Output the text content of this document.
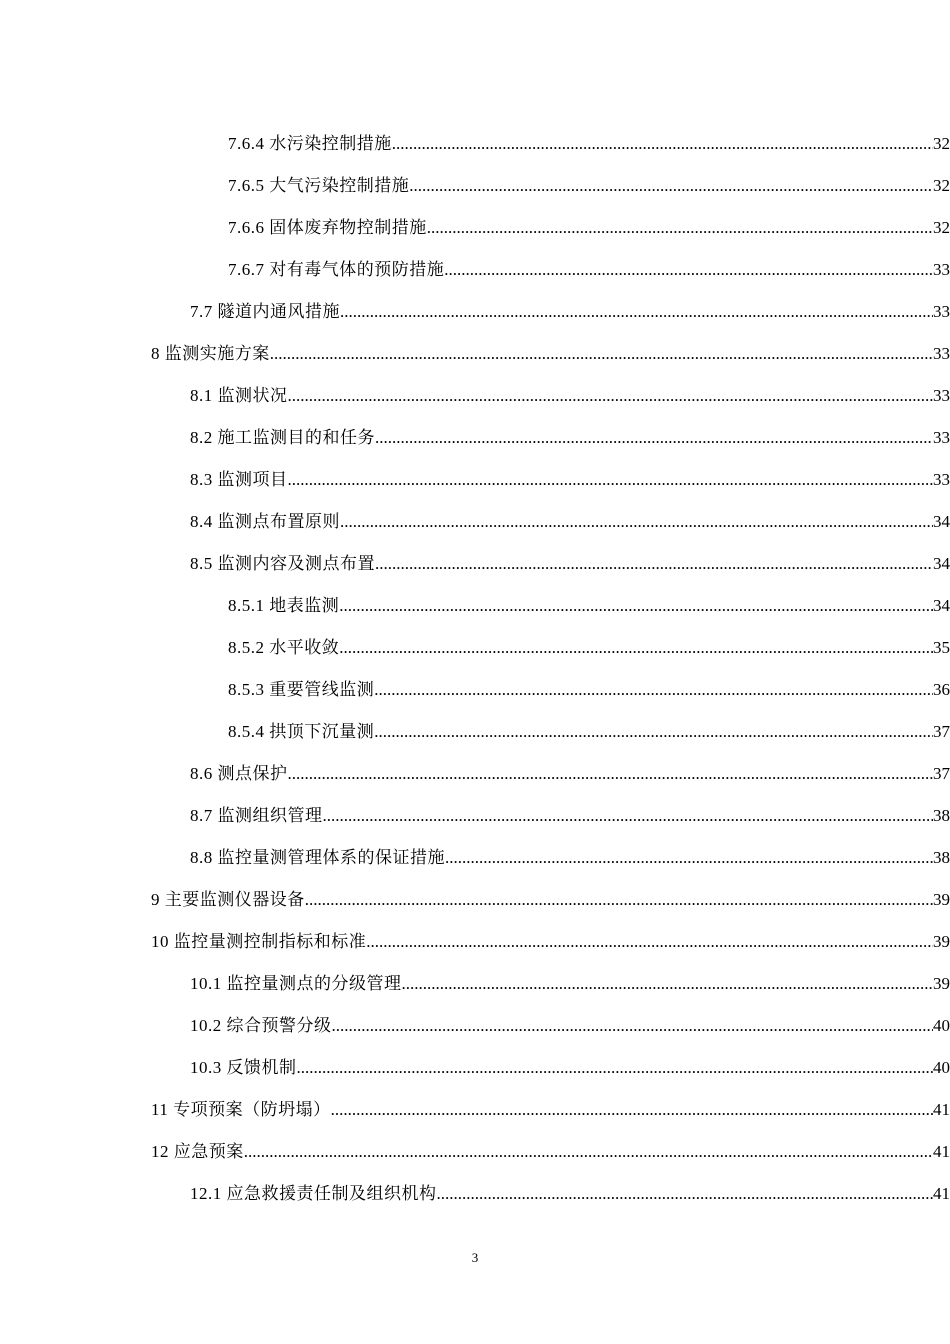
7.6.4 水污染控制措施 .....	32
7.6.5 大气污染控制措施 .....	32
7.6.6 固体废弃物控制措施 .....	32
7.6.7 对有毒气体的预防措施 .....	33
7.7 隧道内通风措施 .....	33
8 监测实施方案 .....	33
8.1 监测状况 .....	33
8.2 施工监测目的和任务 .....	33
8.3 监测项目 .....	33
8.4 监测点布置原则 .....	34
8.5 监测内容及测点布置 .....	34
8.5.1 地表监测 .....	34
8.5.2 水平收敛 .....	35
8.5.3 重要管线监测 .....	36
8.5.4 拱顶下沉量测 .....	37
8.6 测点保护 .....	37
8.7 监测组织管理 .....	38
8.8 监控量测管理体系的保证措施 .....	38
9 主要监测仪器设备 .....	39
10 监控量测控制指标和标准 .....	39
10.1 监控量测点的分级管理 .....	39
10.2 综合预警分级 .....	40
10.3 反馈机制 .....	40
11 专项预案（防坍塌） .....	41
12 应急预案 .....	41
12.1 应急救援责任制及组织机构 .....	41
3
